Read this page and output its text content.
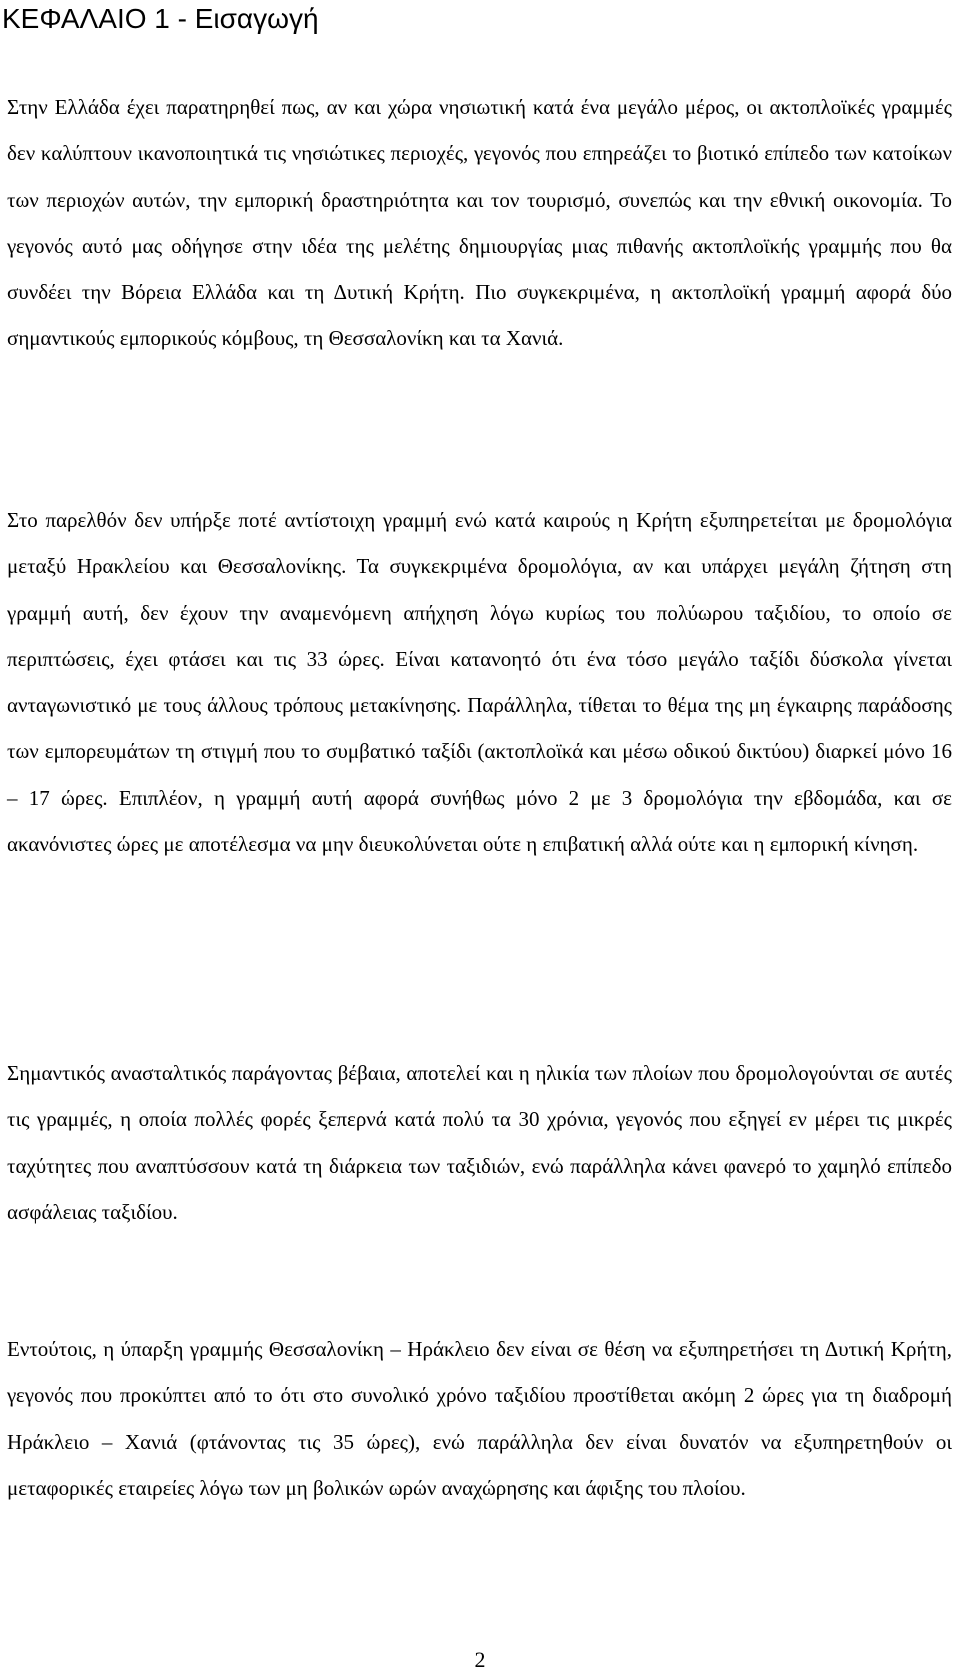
ΚΕΦΑΛΑΙΟ 1 - Εισαγωγή

Στην Ελλάδα έχει παρατηρηθεί πως, αν και χώρα νησιωτική κατά ένα μεγάλο μέρος, οι ακτοπλοϊκές γραμμές δεν καλύπτουν ικανοποιητικά τις νησιώτικες περιοχές, γεγονός που επηρεάζει το βιοτικό επίπεδο των κατοίκων των περιοχών αυτών, την εμπορική δραστηριότητα και τον τουρισμό, συνεπώς και την εθνική οικονομία. Το γεγονός αυτό μας οδήγησε στην ιδέα της μελέτης δημιουργίας μιας πιθανής ακτοπλοϊκής γραμμής που θα συνδέει την Βόρεια Ελλάδα και τη Δυτική Κρήτη. Πιο συγκεκριμένα, η ακτοπλοϊκή γραμμή αφορά δύο σημαντικούς εμπορικούς κόμβους, τη Θεσσαλονίκη και τα Χανιά.

Στο παρελθόν δεν υπήρξε ποτέ αντίστοιχη γραμμή ενώ κατά καιρούς η Κρήτη εξυπηρετείται με δρομολόγια μεταξύ Ηρακλείου και Θεσσαλονίκης. Τα συγκεκριμένα δρομολόγια, αν και υπάρχει μεγάλη ζήτηση στη γραμμή αυτή, δεν έχουν την αναμενόμενη απήχηση λόγω κυρίως του πολύωρου ταξιδίου, το οποίο σε περιπτώσεις, έχει φτάσει και τις 33 ώρες. Είναι κατανοητό ότι ένα τόσο μεγάλο ταξίδι δύσκολα γίνεται ανταγωνιστικό με τους άλλους τρόπους μετακίνησης. Παράλληλα, τίθεται το θέμα της μη έγκαιρης παράδοσης των εμπορευμάτων τη στιγμή που το συμβατικό ταξίδι (ακτοπλοϊκά και μέσω οδικού δικτύου) διαρκεί μόνο 16 – 17 ώρες. Επιπλέον, η γραμμή αυτή αφορά συνήθως μόνο 2 με 3 δρομολόγια την εβδομάδα, και σε ακανόνιστες ώρες με αποτέλεσμα να μην διευκολύνεται ούτε η επιβατική αλλά ούτε και η εμπορική κίνηση.

Σημαντικός ανασταλτικός παράγοντας βέβαια, αποτελεί και η ηλικία των πλοίων που δρομολογούνται σε αυτές τις γραμμές, η οποία πολλές φορές ξεπερνά κατά πολύ τα 30 χρόνια, γεγονός που εξηγεί εν μέρει τις μικρές ταχύτητες που αναπτύσσουν κατά τη διάρκεια των ταξιδιών, ενώ παράλληλα κάνει φανερό το χαμηλό επίπεδο ασφάλειας ταξιδίου.

Εντούτοις, η ύπαρξη γραμμής Θεσσαλονίκη – Ηράκλειο δεν είναι σε θέση να εξυπηρετήσει τη Δυτική Κρήτη, γεγονός που προκύπτει από το ότι στο συνολικό χρόνο ταξιδίου προστίθεται ακόμη 2 ώρες για τη διαδρομή Ηράκλειο – Χανιά (φτάνοντας τις 35 ώρες), ενώ παράλληλα δεν είναι δυνατόν να εξυπηρετηθούν οι μεταφορικές εταιρείες λόγω των μη βολικών ωρών αναχώρησης και άφιξης του πλοίου.

2
